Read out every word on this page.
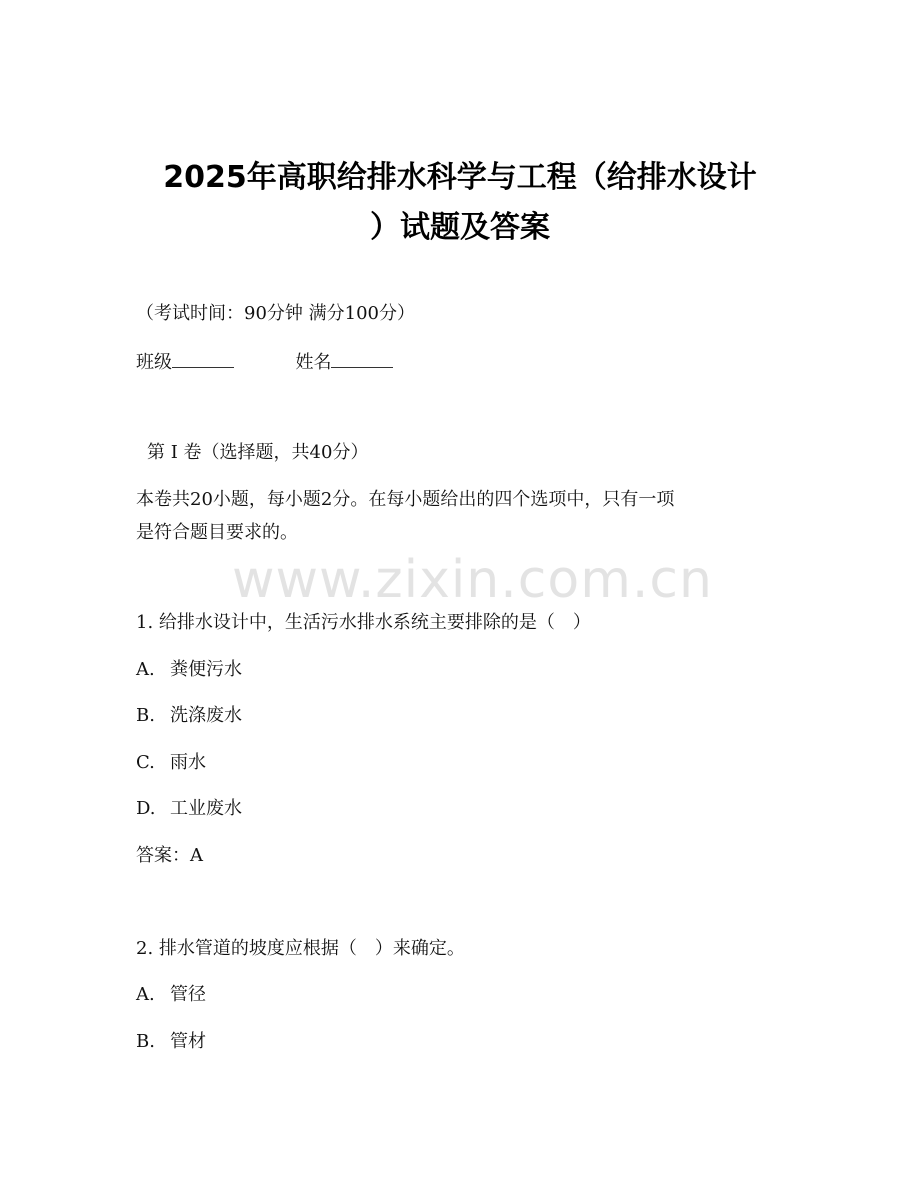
2025年高职给排水科学与工程（给排水设计
）试题及答案
（考试时间：90分钟 满分100分）
班级	姓名
第 I 卷（选择题，共40分）
本卷共20小题，每小题2分。在每小题给出的四个选项中，只有一项
是符合题目要求的。
www.zixin.com.cn
1. 给排水设计中，生活污水排水系统主要排除的是（　）
A. 粪便污水
B. 洗涤废水
C. 雨水
D. 工业废水
答案：A
2. 排水管道的坡度应根据（　）来确定。
A. 管径
B. 管材
